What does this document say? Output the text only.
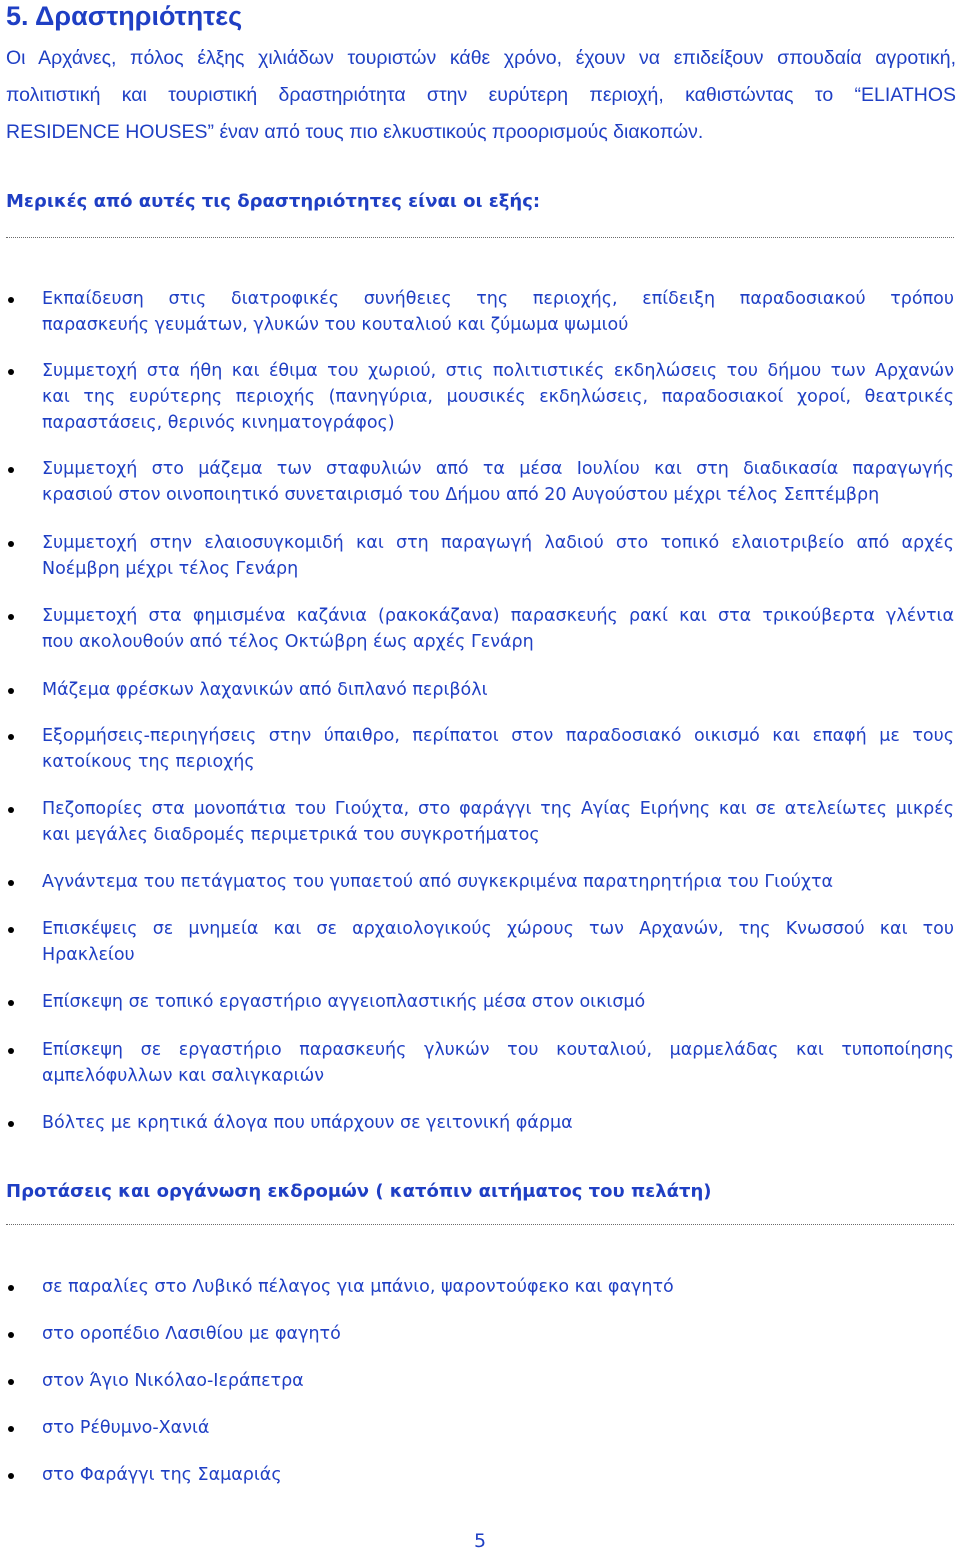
5. Δραστηριότητες

Οι Αρχάνες, πόλος έλξης χιλιάδων τουριστών κάθε χρόνο, έχουν να επιδείξουν σπουδαία αγροτική,
πολιτιστική και τουριστική δραστηριότητα στην ευρύτερη περιοχή, καθιστώντας το “ELIATHOS
RESIDENCE HOUSES” έναν από τους πιο ελκυστικούς προορισμούς διακοπών.

Μερικές από αυτές τις δραστηριότητες είναι οι εξής:
Εκπαίδευση στις διατροφικές συνήθειες της περιοχής, επίδειξη παραδοσιακού τρόπου
παρασκευής γευμάτων, γλυκών του κουταλιού και ζύμωμα ψωμιού
Συμμετοχή στα ήθη και έθιμα του χωριού, στις πολιτιστικές εκδηλώσεις του δήμου των Αρχανών
και της ευρύτερης περιοχής (πανηγύρια, μουσικές εκδηλώσεις, παραδοσιακοί χοροί, θεατρικές
παραστάσεις, θερινός κινηματογράφος)
Συμμετοχή στο μάζεμα των σταφυλιών από τα μέσα Ιουλίου και στη διαδικασία παραγωγής
κρασιού στον οινοποιητικό συνεταιρισμό του Δήμου από 20 Αυγούστου μέχρι τέλος Σεπτέμβρη
Συμμετοχή στην ελαιοσυγκομιδή και στη παραγωγή λαδιού στο τοπικό ελαιοτριβείο από αρχές
Νοέμβρη μέχρι τέλος Γενάρη
Συμμετοχή στα φημισμένα καζάνια (ρακοκάζανα) παρασκευής ρακί και στα τρικούβερτα γλέντια
που ακολουθούν από τέλος Οκτώβρη έως αρχές Γενάρη
Μάζεμα φρέσκων λαχανικών από διπλανό περιβόλι
Εξορμήσεις-περιηγήσεις στην ύπαιθρο, περίπατοι στον παραδοσιακό οικισμό και επαφή με τους
κατοίκους της περιοχής
Πεζοπορίες στα μονοπάτια του Γιούχτα, στο φαράγγι της Αγίας Ειρήνης και σε ατελείωτες μικρές
και μεγάλες διαδρομές περιμετρικά του συγκροτήματος
Αγνάντεμα του πετάγματος του γυπαετού από συγκεκριμένα παρατηρητήρια του Γιούχτα
Επισκέψεις σε μνημεία και σε αρχαιολογικούς χώρους των Αρχανών, της Κνωσσού και του
Ηρακλείου
Επίσκεψη σε τοπικό εργαστήριο αγγειοπλαστικής μέσα στον οικισμό
Επίσκεψη σε εργαστήριο παρασκευής γλυκών του κουταλιού, μαρμελάδας και τυποποίησης
αμπελόφυλλων και σαλιγκαριών
Βόλτες με κρητικά άλογα που υπάρχουν σε γειτονική φάρμα
Προτάσεις και οργάνωση εκδρομών ( κατόπιν αιτήματος του πελάτη)
σε παραλίες στο Λυβικό πέλαγος για μπάνιο, ψαροντούφεκο και φαγητό
στο οροπέδιο Λασιθίου με φαγητό
στον Άγιο Νικόλαο-Ιεράπετρα
στο Ρέθυμνο-Χανιά
στο Φαράγγι της Σαμαριάς
5
